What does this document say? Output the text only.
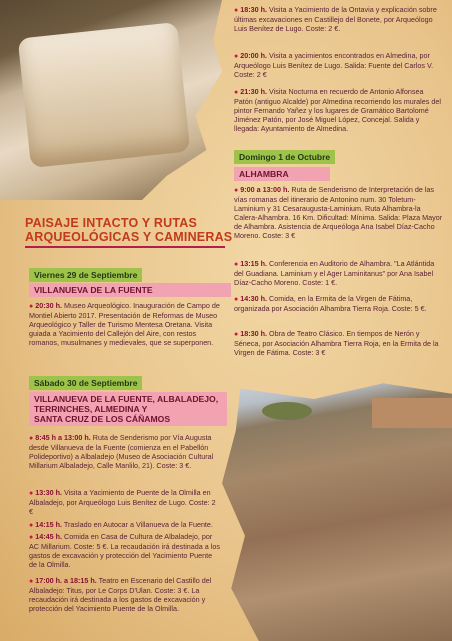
● 18:30 h. Visita a Yacimiento de la Ontavia y explicación sobre últimas excavaciones en Castillejo del Bonete, por Arqueólogo Luis Benítez de Lugo. Coste: 2 €.
● 20:00 h. Visita a yacimientos encontrados en Almedina, por Arqueólogo Luis Benítez de Lugo. Salida: Fuente del Carlos V. Coste: 2 €
● 21:30 h. Visita Nocturna en recuerdo de Antonio Alfonsea Patón (antiguo Alcalde) por Almedina recorriendo los murales del pintor Fernando Yañez y los lugares de Gramático Bartolomé Jiménez Patón, por José Miguel López, Concejal. Salida y llegada: Ayuntamiento de Almedina.
Domingo 1 de Octubre
ALHAMBRA
● 9:00 a 13:00 h. Ruta de Senderismo de Interpretación de las vías romanas del itinerario de Antonino num. 30 Toletum- Laminium y 31 Cesaraugusta-Laminium. Ruta Alhambra-la Calera-Alhambra. 16 Km. Dificultad: Mínima. Salida: Plaza Mayor de Alhambra. Asistencia de Arqueóloga Ana Isabel Díaz-Cacho Moreno. Coste: 3 €
● 13:15 h. Conferencia en Auditorio de Alhambra. "La Atlántida del Guadiana. Laminium y el Ager Laminitanus" por Ana Isabel Díaz-Cacho Moreno. Coste: 1 €.
● 14:30 h. Comida, en la Ermita de la Virgen de Fátima, organizada por Asociación Alhambra Tierra Roja. Coste: 5 €.
● 18:30 h. Obra de Teatro Clásico. En tiempos de Nerón y Séneca, por Asociación Alhambra Tierra Roja, en la Ermita de la Virgen de Fátima. Coste: 3 €
PAISAJE INTACTO Y RUTAS
ARQUEOLÓGICAS Y CAMINERAS
Viernes 29 de Septiembre
VILLANUEVA DE LA FUENTE
● 20:30 h. Museo Arqueológico. Inauguración de Campo de Montiel Abierto 2017. Presentación de Reformas de Museo Arqueológico y Taller de Turismo Mentesa Oretana. Visita guiada a Yacimiento del Callejón del Aire, con restos romanos, musulmanes y medievales, que se superponen.
Sábado 30 de Septiembre
VILLANUEVA DE LA FUENTE, ALBALADEJO,
TERRINCHES, ALMEDINA Y
SANTA CRUZ DE LOS CÁÑAMOS
● 8:45 h a 13:00 h. Ruta de Senderismo por Vía Augusta desde Villanueva de la Fuente (comienza en el Pabellón Polideportivo) a Albaladejo (Museo de Asociación Cultural Millarium Albaladejo, Calle Manlilo, 21). Coste: 3 €.
● 13:30 h. Visita a Yacimiento de Puente de la Olmilla en Albaladejo, por Arqueólogo Luis Benítez de Lugo. Coste: 2 €
● 14:15 h. Traslado en Autocar a Villanueva de la Fuente.
● 14:45 h. Comida en Casa de Cultura de Albaladejo, por AC Millarium. Coste: 5 €. La recaudación irá destinada a los gastos de excavación y protección del Yacimiento Puente de la Olmilla.
● 17:00 h. a 18:15 h. Teatro en Escenario del Castillo del Albaladejo: Titus, por Le Corps D'Ulan. Coste: 3 €. La recaudación irá destinada a los gastos de excavación y protección del Yacimiento Puente de la Olmilla.
